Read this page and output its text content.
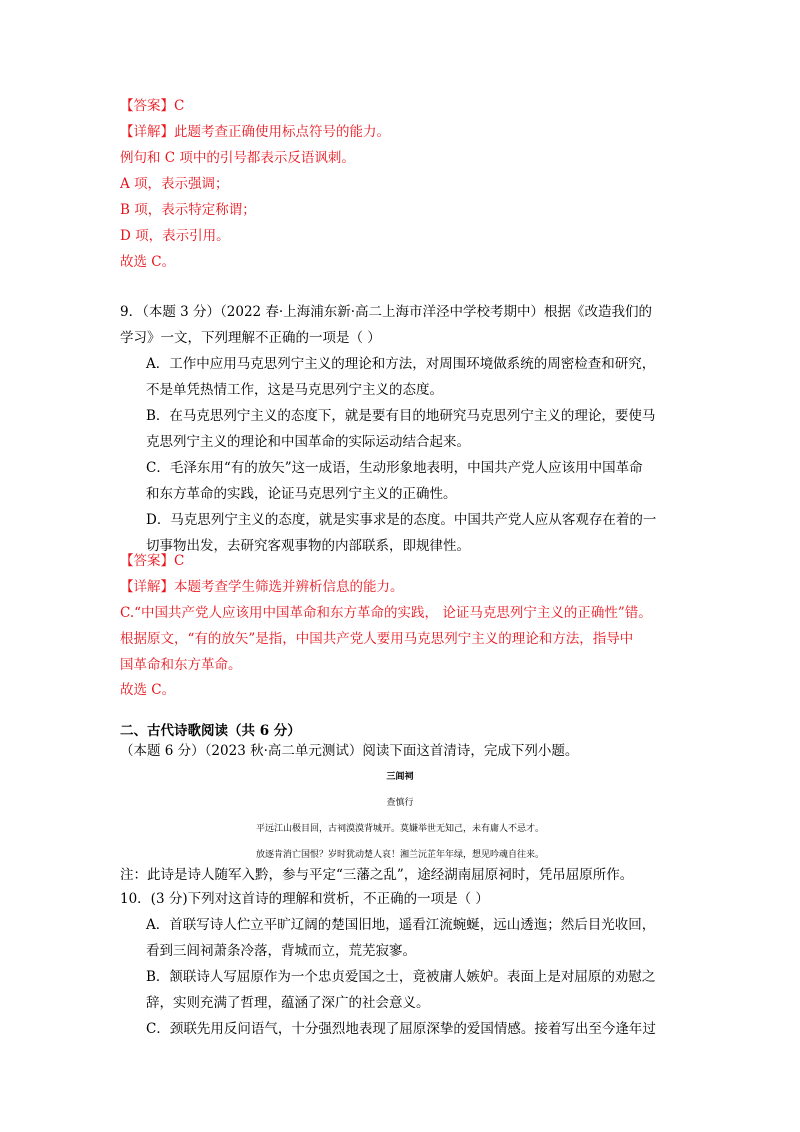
【答案】C
【详解】此题考查正确使用标点符号的能力。
例句和 C 项中的引号都表示反语讽刺。
A 项，表示强调；
B 项，表示特定称谓；
D 项，表示引用。
故选 C。
9．（本题 3 分）（2022 春·上海浦东新·高二上海市洋泾中学校考期中）根据《改造我们的
学习》一文，下列理解不正确的一项是（ ）
A．工作中应用马克思列宁主义的理论和方法，对周围环境做系统的周密检查和研究，
不是单凭热情工作，这是马克思列宁主义的态度。
B．在马克思列宁主义的态度下，就是要有目的地研究马克思列宁主义的理论，要使马
克思列宁主义的理论和中国革命的实际运动结合起来。
C．毛泽东用“有的放矢”这一成语，生动形象地表明，中国共产党人应该用中国革命
和东方革命的实践，论证马克思列宁主义的正确性。
D．马克思列宁主义的态度，就是实事求是的态度。中国共产党人应从客观存在着的一
切事物出发，去研究客观事物的内部联系，即规律性。
【答案】C
【详解】本题考查学生筛选并辨析信息的能力。
C.“中国共产党人应该用中国革命和东方革命的实践， 论证马克思列宁主义的正确性”错。
根据原文，“有的放矢”是指，中国共产党人要用马克思列宁主义的理论和方法，指导中
国革命和东方革命。
故选 C。
二、古代诗歌阅读（共 6 分）
（本题 6 分）（2023 秋·高二单元测试）阅读下面这首清诗，完成下列小题。
三闾祠
查慎行
平远江山极目回，古祠漠漠背城开。莫嫌举世无知己，未有庸人不忌才。
放逐肯消亡国恨？岁时犹动楚人哀！湘兰沅芷年年绿，想见吟魂自往来。
注：此诗是诗人随军入黔，参与平定“三藩之乱”，途经湖南屈原祠时，凭吊屈原所作。
10．(3 分)下列对这首诗的理解和赏析，不正确的一项是（ ）
A．首联写诗人伫立平旷辽阔的楚国旧地，遥看江流蜿蜒，远山透迤；然后目光收回，
看到三闾祠萧条冷落，背城而立，荒芜寂寥。
B．颔联诗人写屈原作为一个忠贞爱国之士，竟被庸人嫉妒。表面上是对屈原的劝慰之
辞，实则充满了哲理，蕴涵了深广的社会意义。
C．颈联先用反问语气，十分强烈地表现了屈原深挚的爱国情感。接着写出至今逢年过
